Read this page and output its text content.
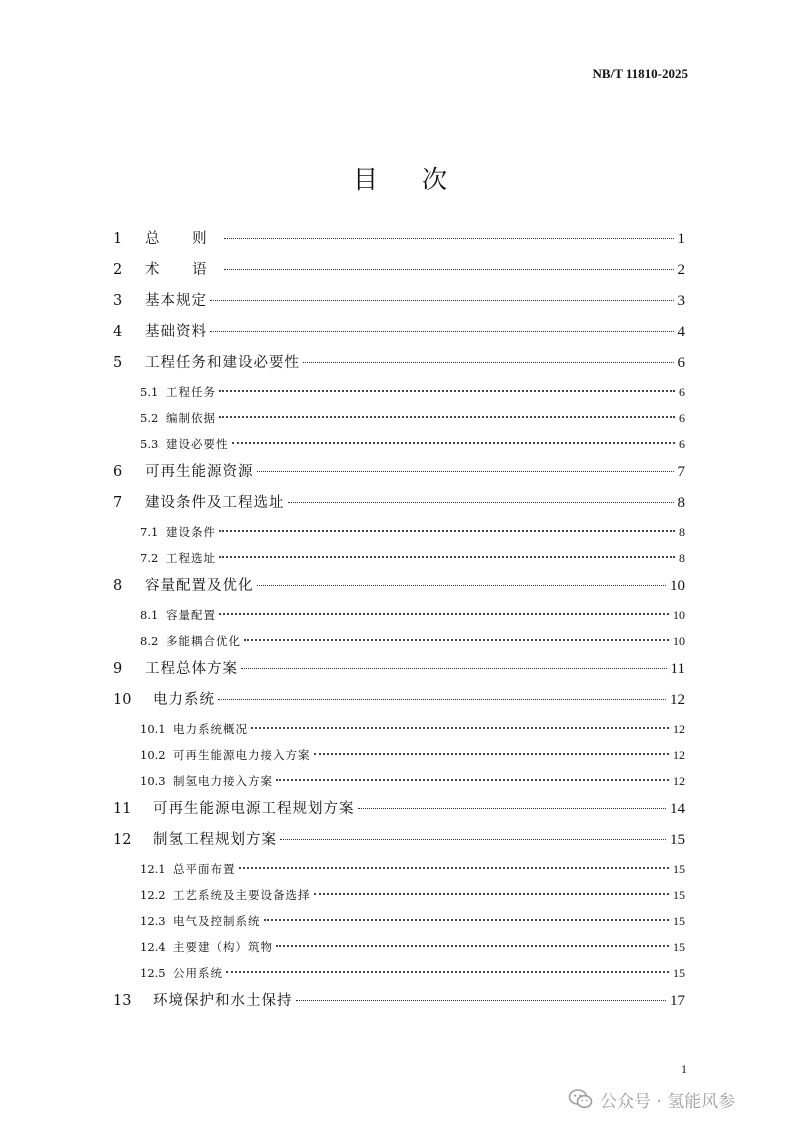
NB/T 11810-2025
目 次
1	总 则	1
2	术 语	2
3	基本规定	3
4	基础资料	4
5	工程任务和建设必要性	6
5.1 工程任务	6
5.2 编制依据	6
5.3 建设必要性	6
6	可再生能源资源	7
7	建设条件及工程选址	8
7.1 建设条件	8
7.2 工程选址	8
8	容量配置及优化	10
8.1 容量配置	10
8.2 多能耦合优化	10
9	工程总体方案	11
10	电力系统	12
10.1 电力系统概况	12
10.2 可再生能源电力接入方案	12
10.3 制氢电力接入方案	12
11	可再生能源电源工程规划方案	14
12	制氢工程规划方案	15
12.1 总平面布置	15
12.2 工艺系统及主要设备选择	15
12.3 电气及控制系统	15
12.4 主要建（构）筑物	15
12.5 公用系统	15
13	环境保护和水土保持	17
1
公众号 · 氢能风参
